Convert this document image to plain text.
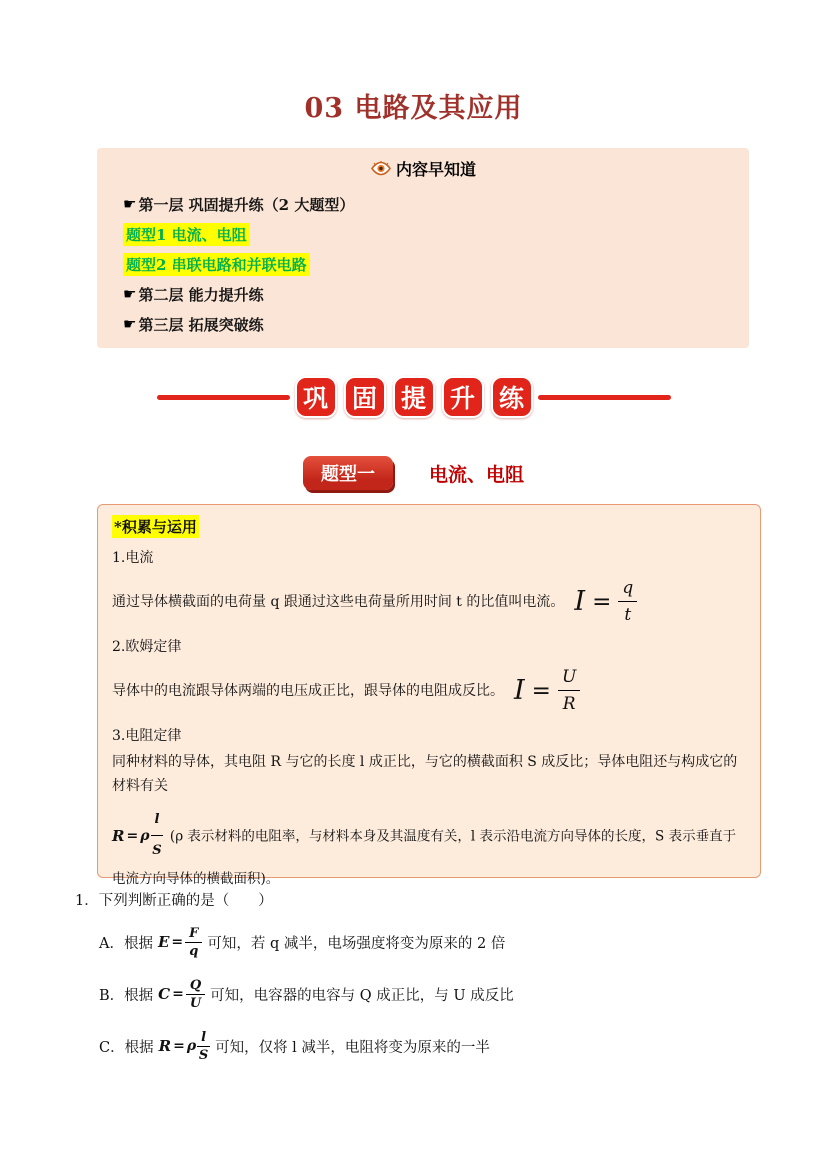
03 电路及其应用
内容早知道
☛ 第一层 巩固提升练（2 大题型）
题型1 电流、电阻
题型2 串联电路和并联电路
☛ 第二层 能力提升练
☛ 第三层 拓展突破练
巩 固 提 升 练
题型一	电流、电阻
*积累与运用

1.电流

通过导体横截面的电荷量 q 跟通过这些电荷量所用时间 t 的比值叫电流。 $I = \frac{q}{t}$

2.欧姆定律

导体中的电流跟导体两端的电压成正比，跟导体的电阻成反比。 $I = \frac{U}{R}$

3.电阻定律

同种材料的导体，其电阻 R 与它的长度 l 成正比，与它的横截面积 S 成反比；导体电阻还与构成它的材料有关

R = ρ $\frac{l}{S} (\rho$ 表示材料的电阻率，与材料本身及其温度有关，l 表示沿电流方向导体的长度，S 表示垂直于电流方向导体的横截面积)。

1．下列判断正确的是（　　）

A．根据 $E = \frac{F}{q}$ 可知，若 q 减半，电场强度将变为原来的 2 倍
B．根据 $C = \frac{Q}{U}$ 可知，电容器的电容与 Q 成正比，与 U 成反比
C．根据 R = ρ $\frac{l}{S}$ 可知，仅将 l 减半，电阻将变为原来的一半
